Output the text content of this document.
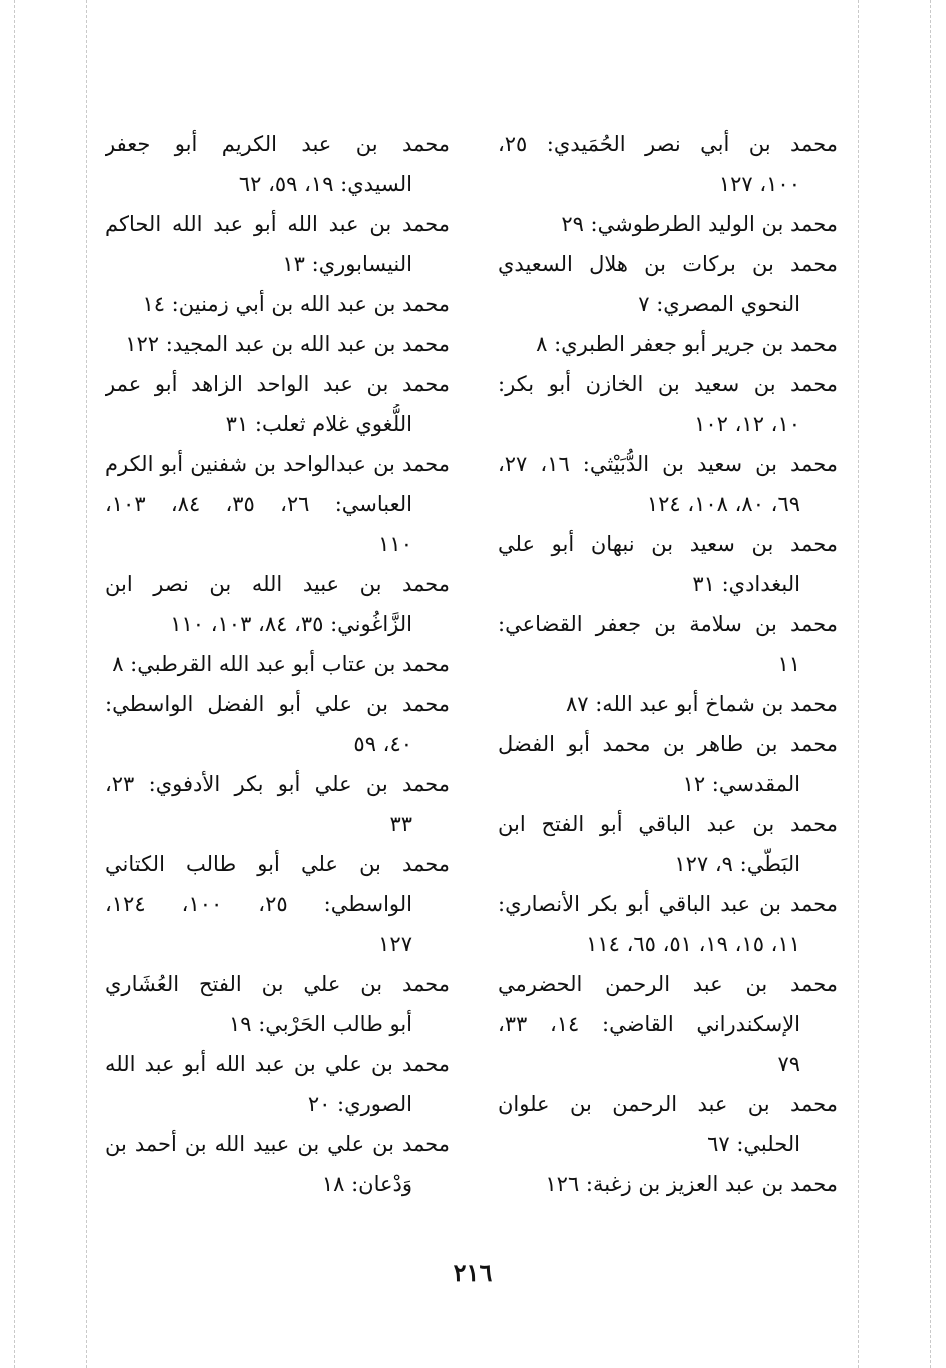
محمد بن أبي نصر الحُمَيدي: ٢٥،
١٠٠، ١٢٧
محمد بن الوليد الطرطوشي: ٢٩
محمد بن بركات بن هلال السعيدي
النحوي المصري: ٧
محمد بن جرير أبو جعفر الطبري: ٨
محمد بن سعيد بن الخازن أبو بكر:
١٠، ١٢، ١٠٢
محمد بن سعيد بن الدُّبَيْثي: ١٦، ٢٧،
٦٩، ٨٠، ١٠٨، ١٢٤
محمد بن سعيد بن نبهان أبو علي
البغدادي: ٣١
محمد بن سلامة بن جعفر القضاعي:
١١
محمد بن شماخ أبو عبد الله: ٨٧
محمد بن طاهر بن محمد أبو الفضل
المقدسي: ١٢
محمد بن عبد الباقي أبو الفتح ابن
البَطّي: ٩، ١٢٧
محمد بن عبد الباقي أبو بكر الأنصاري:
١١، ١٥، ١٩، ٥١، ٦٥، ١١٤
محمد بن عبد الرحمن الحضرمي
الإسكندراني القاضي: ١٤، ٣٣،
٧٩
محمد بن عبد الرحمن بن علوان
الحلبي: ٦٧
محمد بن عبد العزيز بن زغبة: ١٢٦
محمد بن عبد الكريم أبو جعفر
السيدي: ١٩، ٥٩، ٦٢
محمد بن عبد الله أبو عبد الله الحاكم
النيسابوري: ١٣
محمد بن عبد الله بن أبي زمنين: ١٤
محمد بن عبد الله بن عبد المجيد: ١٢٢
محمد بن عبد الواحد الزاهد أبو عمر
اللُّغوي غلام ثعلب: ٣١
محمد بن عبدالواحد بن شفنين أبو الكرم
العباسي: ٢٦، ٣٥، ٨٤، ١٠٣،
١١٠
محمد بن عبيد الله بن نصر ابن
الزَّاغُوني: ٣٥، ٨٤، ١٠٣، ١١٠
محمد بن عتاب أبو عبد الله القرطبي: ٨
محمد بن علي أبو الفضل الواسطي:
٤٠، ٥٩
محمد بن علي أبو بكر الأدفوي: ٢٣،
٣٣
محمد بن علي أبو طالب الكتاني
الواسطي: ٢٥، ١٠٠، ١٢٤،
١٢٧
محمد بن علي بن الفتح العُشَاري
أبو طالب الحَرْبي: ١٩
محمد بن علي بن عبد الله أبو عبد الله
الصوري: ٢٠
محمد بن علي بن عبيد الله بن أحمد بن
وَدْعان: ١٨
٢١٦
